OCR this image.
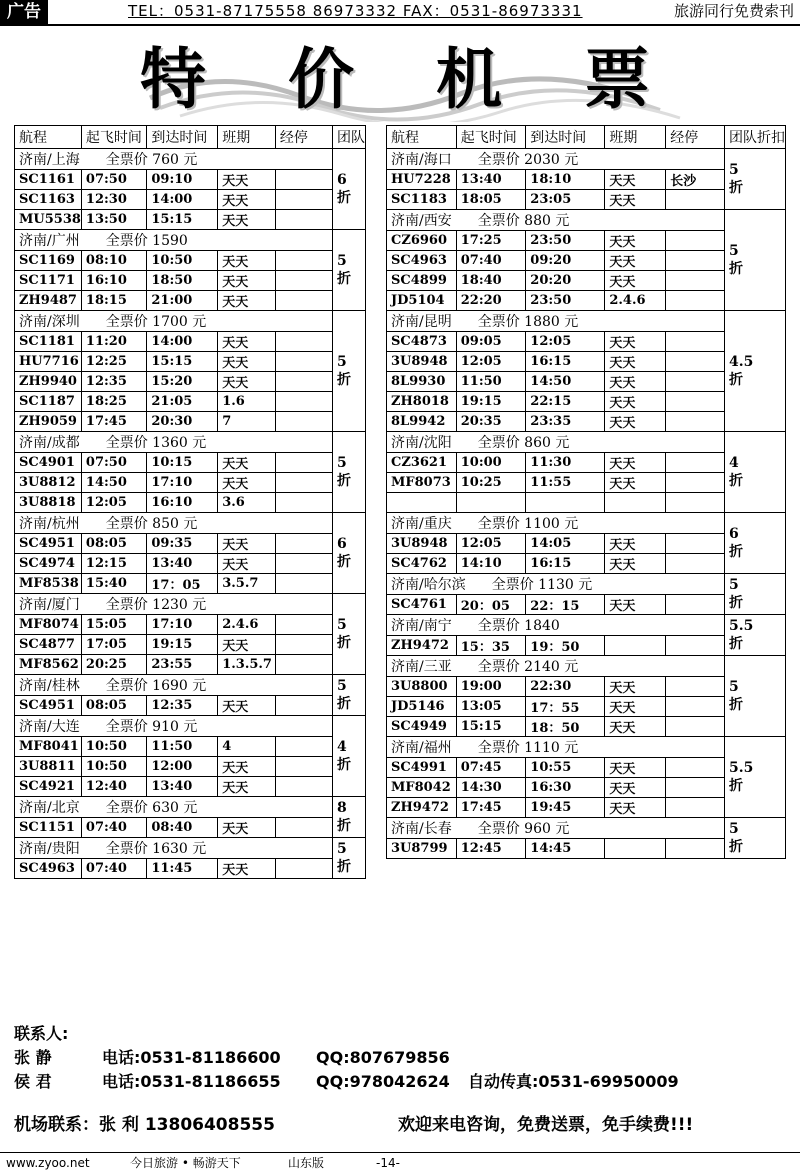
广告	TEL：0531-87175558 86973332 FAX：0531-86973331	旅游同行免费索刊
特价机票
航程	起飞时间	到达时间	班期	经停	团队
济南/上海 全票价 760 元					6
折

SC1161	07:50	09:10	天天		
SC1163	12:30	14:00	天天		
MU5538	13:50	15:15	天天		
济南/广州 全票价 1590					5
折

SC1169	08:10	10:50	天天		
SC1171	16:10	18:50	天天		
ZH9487	18:15	21:00	天天		
济南/深圳 全票价 1700 元					5
折

SC1181	11:20	14:00	天天		
HU7716	12:25	15:15	天天		
ZH9940	12:35	15:20	天天		
SC1187	18:25	21:05	1.6		
ZH9059	17:45	20:30	7		
济南/成都 全票价 1360 元					5
折

SC4901	07:50	10:15	天天		
3U8812	14:50	17:10	天天		
3U8818	12:05	16:10	3.6		
济南/杭州 全票价 850 元					6
折

SC4951	08:05	09:35	天天		
SC4974	12:15	13:40	天天		
MF8538	15:40	17：05	3.5.7		
济南/厦门 全票价 1230 元					5
折

MF8074	15:05	17:10	2.4.6		
SC4877	17:05	19:15	天天		
MF8562	20:25	23:55	1.3.5.7		
济南/桂林 全票价 1690 元					5
折

SC4951	08:05	12:35	天天		
济南/大连 全票价 910 元					4
折

MF8041	10:50	11:50	4		
3U8811	10:50	12:00	天天		
SC4921	12:40	13:40	天天		
济南/北京 全票价 630 元					8
折

SC1151	07:40	08:40	天天		
济南/贵阳 全票价 1630 元					5
折

SC4963	07:40	11:45	天天		
航程	起飞时间	到达时间	班期	经停	团队折扣
济南/海口 全票价 2030 元					5
折

HU7228	13:40	18:10	天天	长沙	
SC1183	18:05	23:05	天天		
济南/西安 全票价 880 元					5
折

CZ6960	17:25	23:50	天天		
SC4963	07:40	09:20	天天		
SC4899	18:40	20:20	天天		
JD5104	22:20	23:50	2.4.6		
济南/昆明 全票价 1880 元					4.5
折

SC4873	09:05	12:05	天天		
3U8948	12:05	16:15	天天		
8L9930	11:50	14:50	天天		
ZH8018	19:15	22:15	天天		
8L9942	20:35	23:35	天天		
济南/沈阳 全票价 860 元					4
折

CZ3621	10:00	11:30	天天		
MF8073	10:25	11:55	天天		

济南/重庆 全票价 1100 元					6
折

3U8948	12:05	14:05	天天		
SC4762	14:10	16:15	天天		
济南/哈尔滨 全票价 1130 元					5
折

SC4761	20：05	22：15	天天		
济南/南宁 全票价 1840					5.5
折

ZH9472	15：35	19：50			
济南/三亚 全票价 2140 元					5
折

3U8800	19:00	22:30	天天		
JD5146	13:05	17：55	天天		
SC4949	15:15	18：50	天天		
济南/福州 全票价 1110 元					5.5
折

SC4991	07:45	10:55	天天		
MF8042	14:30	16:30	天天		
ZH9472	17:45	19:45	天天		
济南/长春 全票价 960 元					5
折

3U8799	12:45	14:45			
联系人:
张 静	电话:0531-81186600 QQ:807679856
侯 君	电话:0531-81186655 QQ:978042624 自动传真:0531-69950009
机场联系：张 利 13806408555	欢迎来电咨询，免费送票，免手续费!!!
www.zyoo.net	今日旅游 • 畅游天下	山东版	-14-
